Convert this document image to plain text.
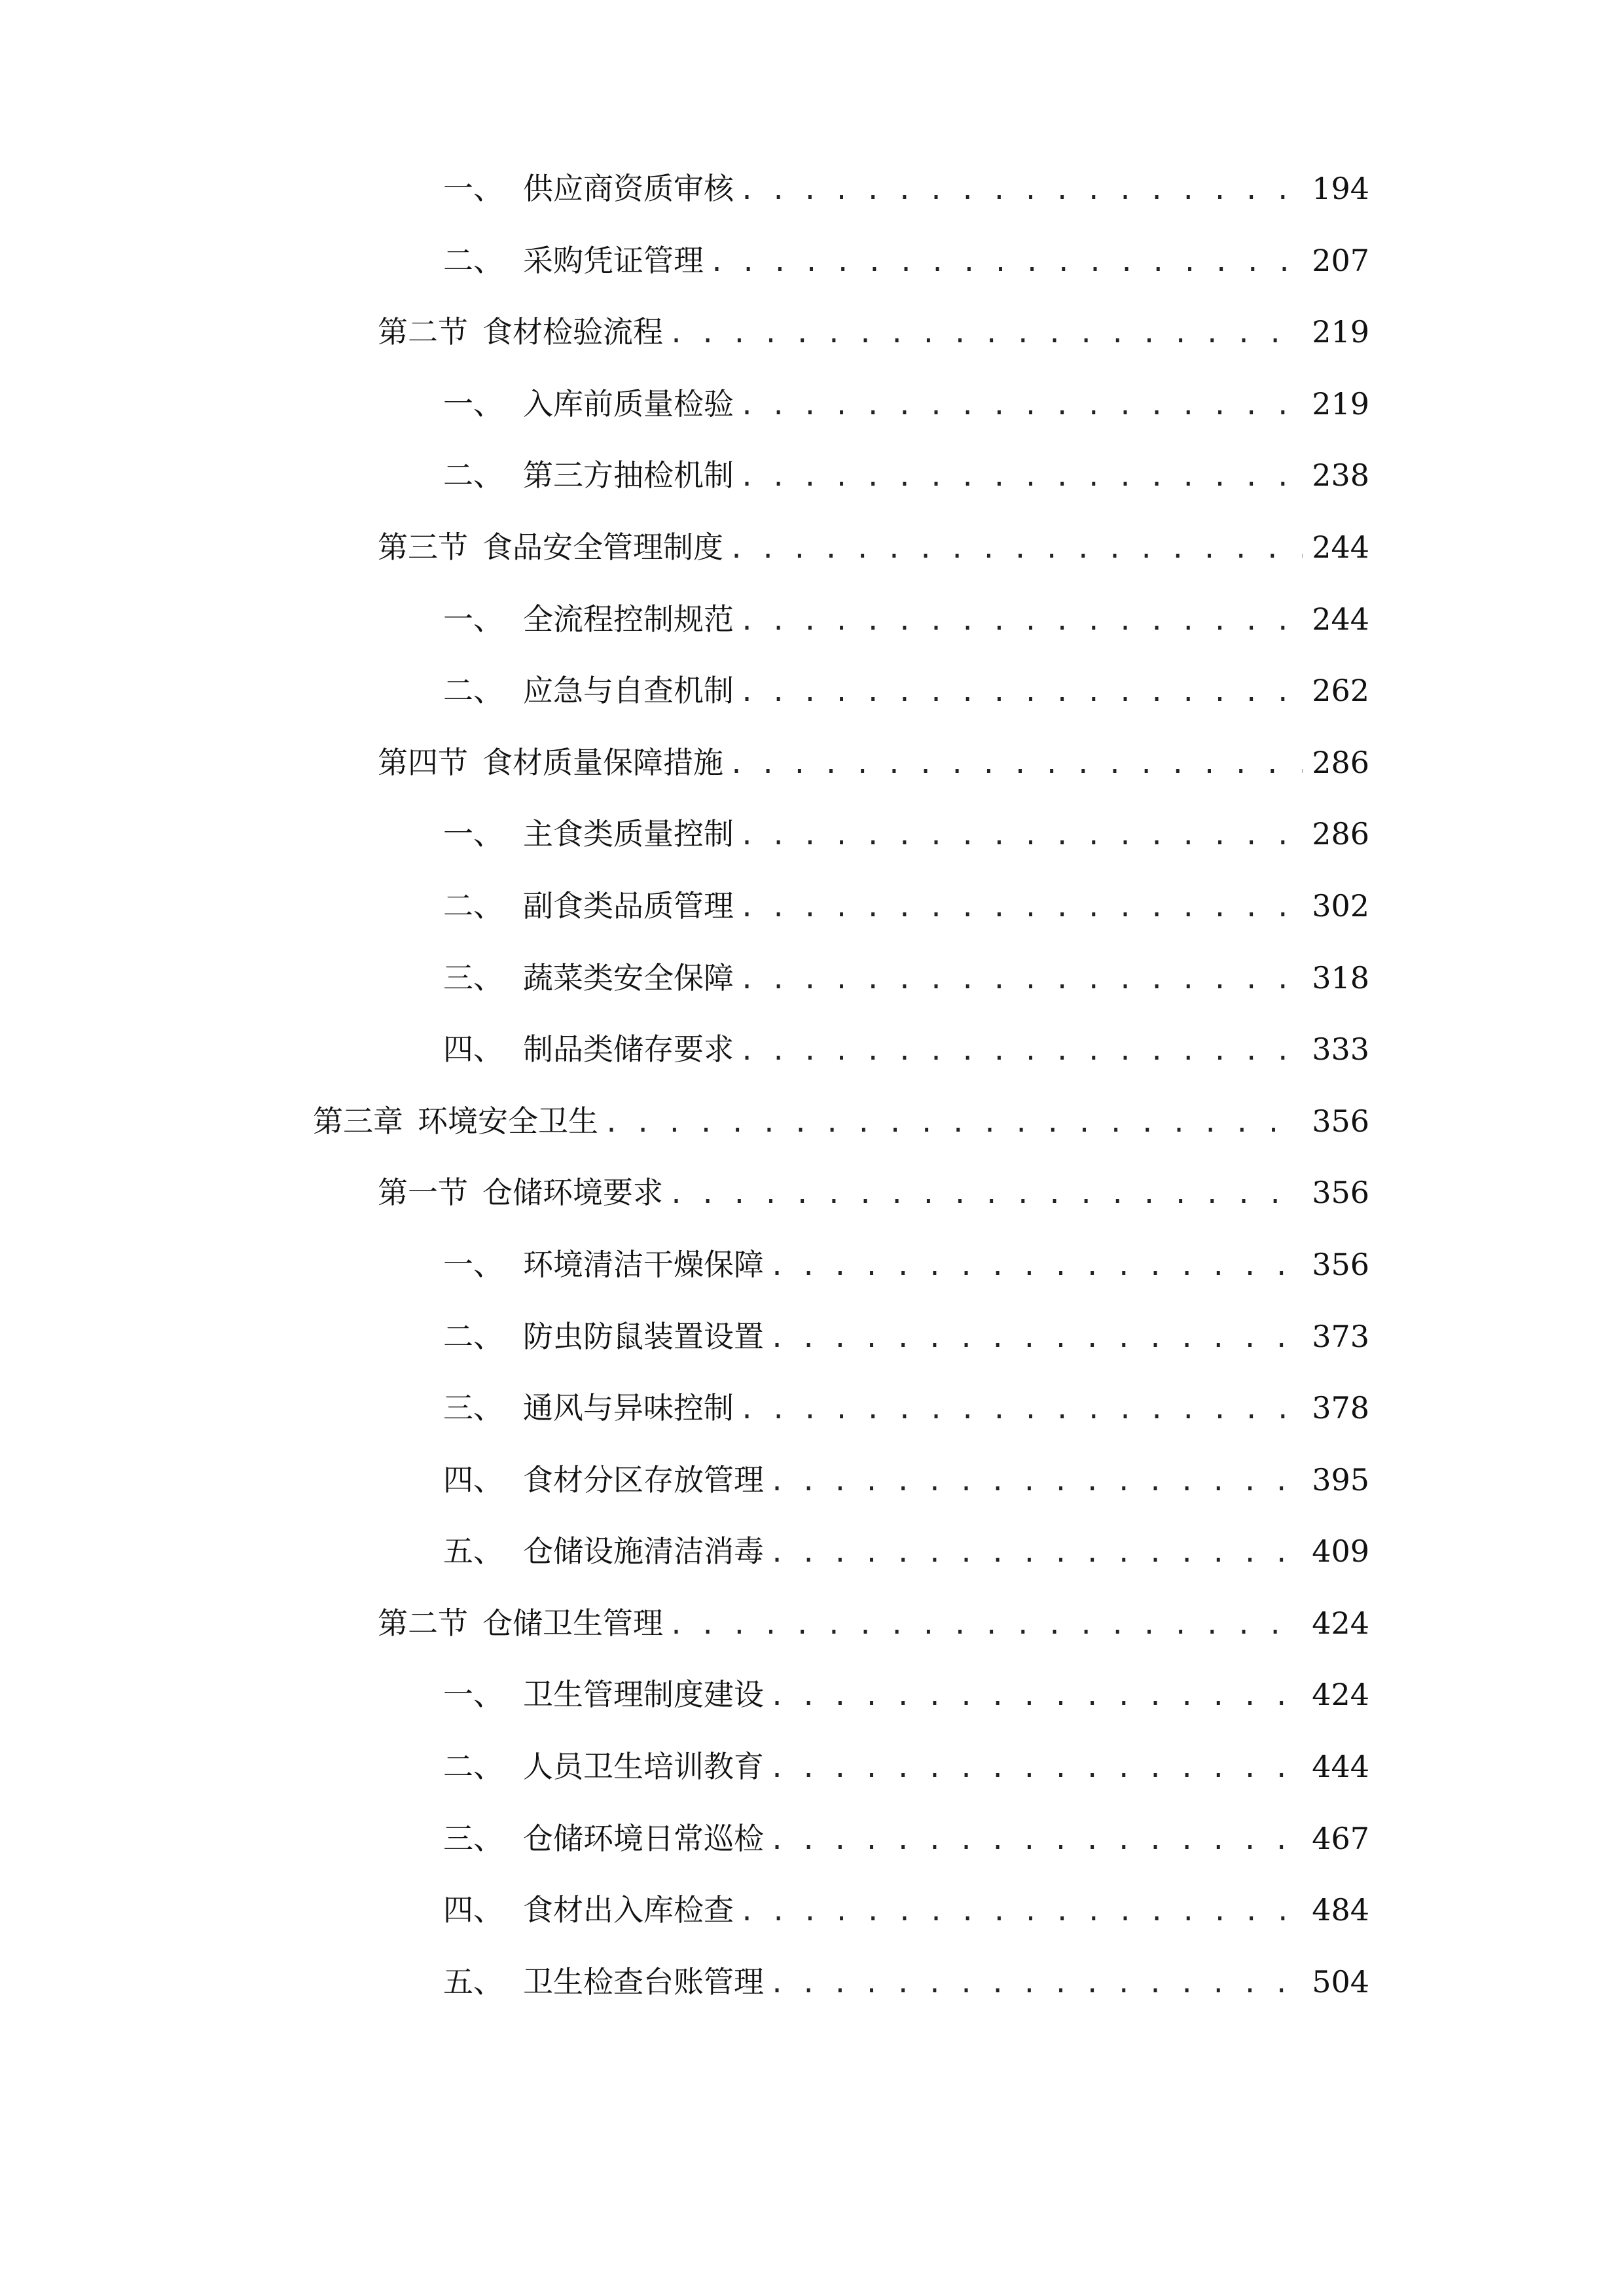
一、 供应商资质审核 . . .	194
二、 采购凭证管理 . . .	207
第二节 食材检验流程 . . .	219
一、 入库前质量检验 . . .	219
二、 第三方抽检机制 . . .	238
第三节 食品安全管理制度 . . .	244
一、 全流程控制规范 . . .	244
二、 应急与自查机制 . . .	262
第四节 食材质量保障措施 . . .	286
一、 主食类质量控制 . . .	286
二、 副食类品质管理 . . .	302
三、 蔬菜类安全保障 . . .	318
四、 制品类储存要求 . . .	333
第三章 环境安全卫生 . . .	356
第一节 仓储环境要求 . . .	356
一、 环境清洁干燥保障 . . .	356
二、 防虫防鼠装置设置 . . .	373
三、 通风与异味控制 . . .	378
四、 食材分区存放管理 . . .	395
五、 仓储设施清洁消毒 . . .	409
第二节 仓储卫生管理 . . .	424
一、 卫生管理制度建设 . . .	424
二、 人员卫生培训教育 . . .	444
三、 仓储环境日常巡检 . . .	467
四、 食材出入库检查 . . .	484
五、 卫生检查台账管理 . . .	504
